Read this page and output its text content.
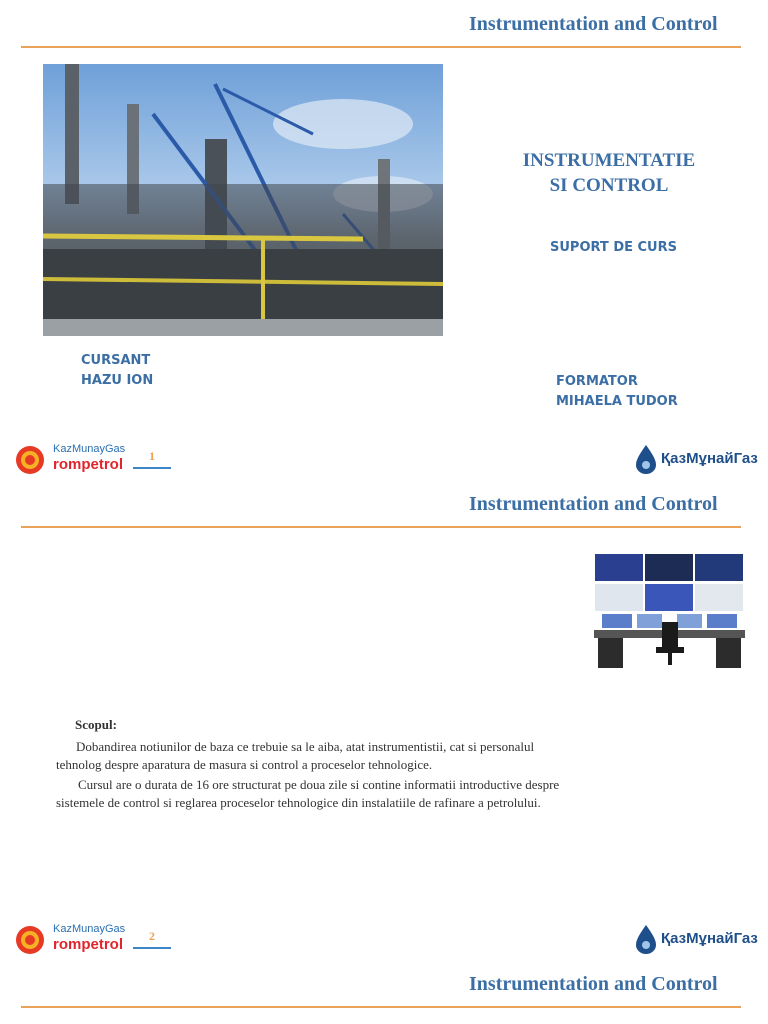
Instrumentation and Control
INSTRUMENTATIE
SI CONTROL
SUPORT DE CURS
CURSANT
HAZU ION	FORMATOR
MIHAELA TUDOR
KazMunayGas
rompetrol	1	ҚазМұнайГаз
Instrumentation and Control
Scopul:
Dobandirea notiunilor de baza ce trebuie sa le aiba, atat instrumentistii, cat si personalul
tehnolog despre aparatura de masura si control a proceselor tehnologice.
Cursul are o durata de 16 ore structurat pe doua zile si contine informatii introductive despre
sistemele de control si reglarea proceselor tehnologice din instalatiile de rafinare a petrolului.
KazMunayGas
rompetrol	2	ҚазМұнайГаз
Instrumentation and Control
